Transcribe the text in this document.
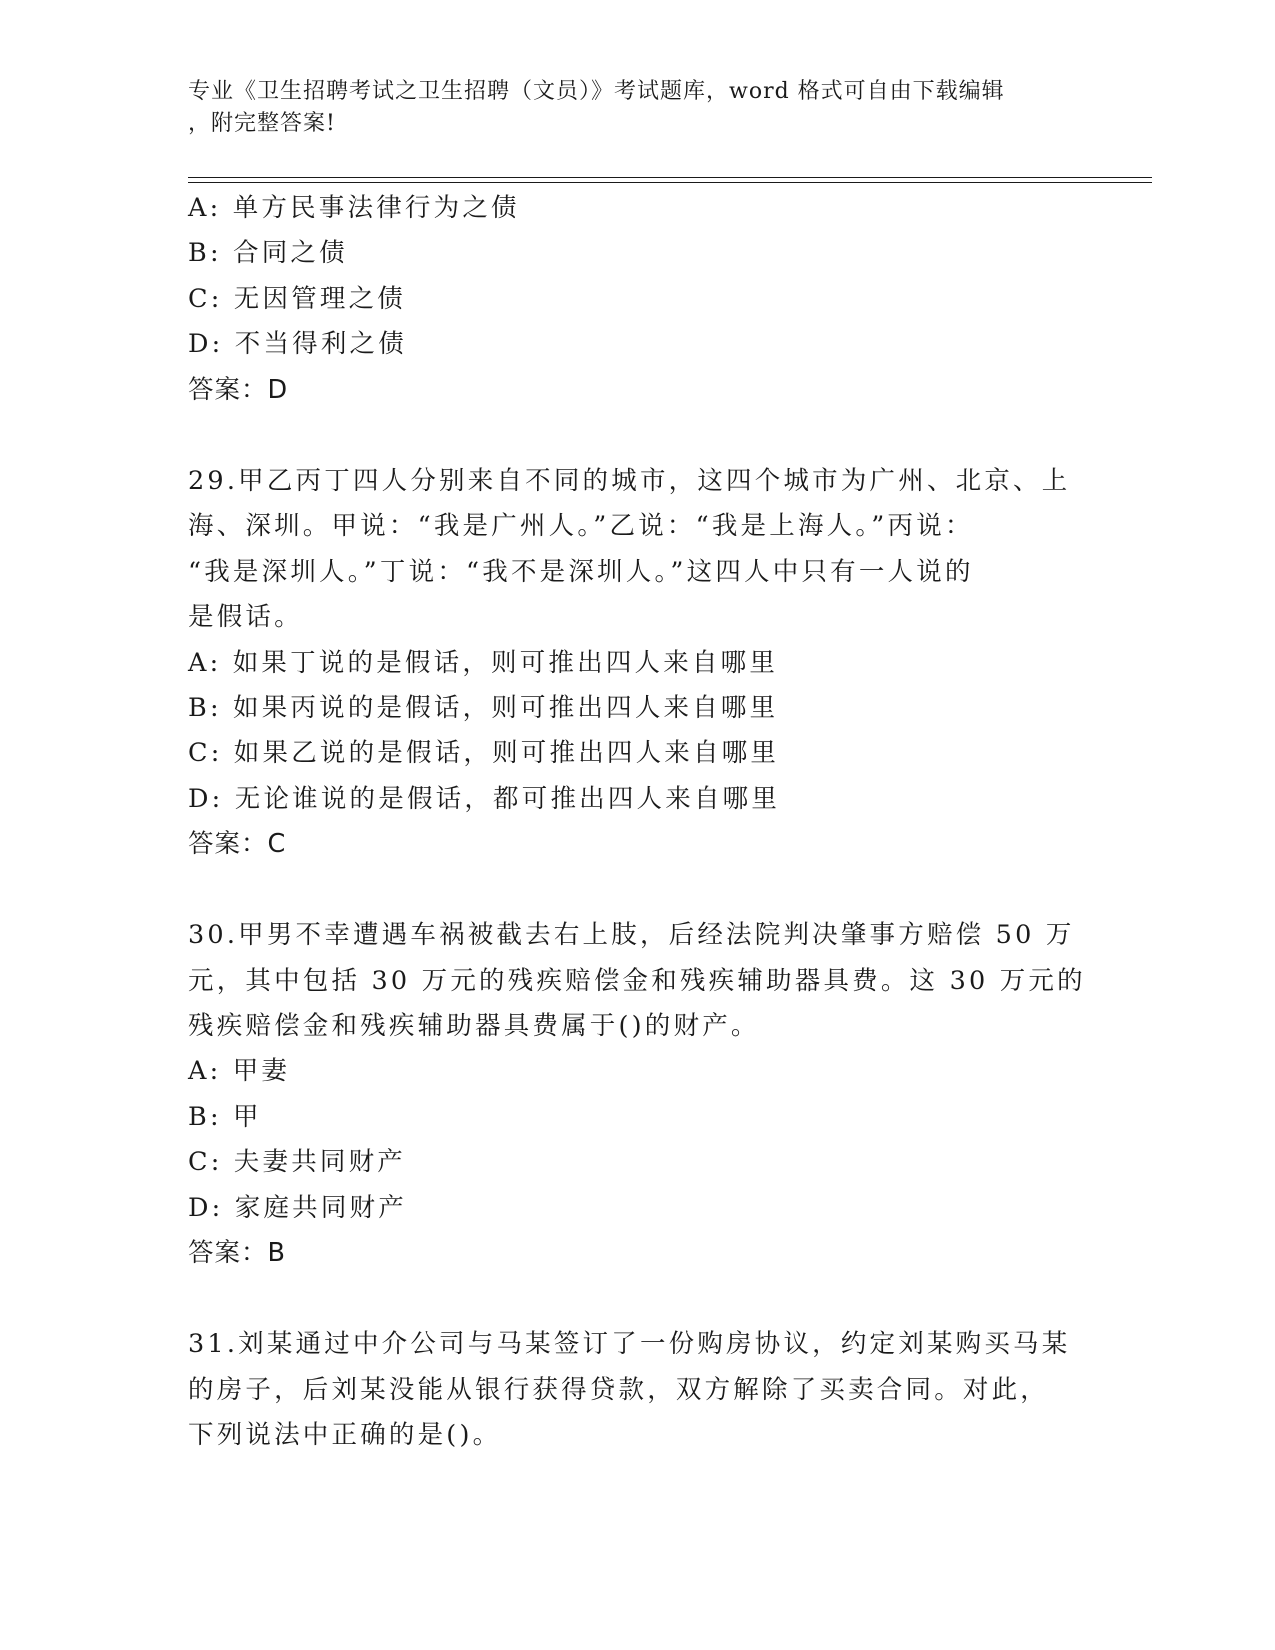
专业《卫生招聘考试之卫生招聘（文员）》考试题库，word 格式可自由下载编辑
，附完整答案!
A: 单方民事法律行为之债
B: 合同之债
C: 无因管理之债
D: 不当得利之债
答案：D
29.甲乙丙丁四人分别来自不同的城市，这四个城市为广州、北京、上
海、深圳。甲说：“我是广州人。”乙说：“我是上海人。”丙说：
“我是深圳人。”丁说：“我不是深圳人。”这四人中只有一人说的
是假话。
A: 如果丁说的是假话，则可推出四人来自哪里
B: 如果丙说的是假话，则可推出四人来自哪里
C: 如果乙说的是假话，则可推出四人来自哪里
D: 无论谁说的是假话，都可推出四人来自哪里
答案：C
30.甲男不幸遭遇车祸被截去右上肢，后经法院判决肇事方赔偿 50 万
元，其中包括 30 万元的残疾赔偿金和残疾辅助器具费。这 30 万元的
残疾赔偿金和残疾辅助器具费属于()的财产。
A: 甲妻
B: 甲
C: 夫妻共同财产
D: 家庭共同财产
答案：B
31.刘某通过中介公司与马某签订了一份购房协议，约定刘某购买马某
的房子，后刘某没能从银行获得贷款，双方解除了买卖合同。对此，
下列说法中正确的是()。
